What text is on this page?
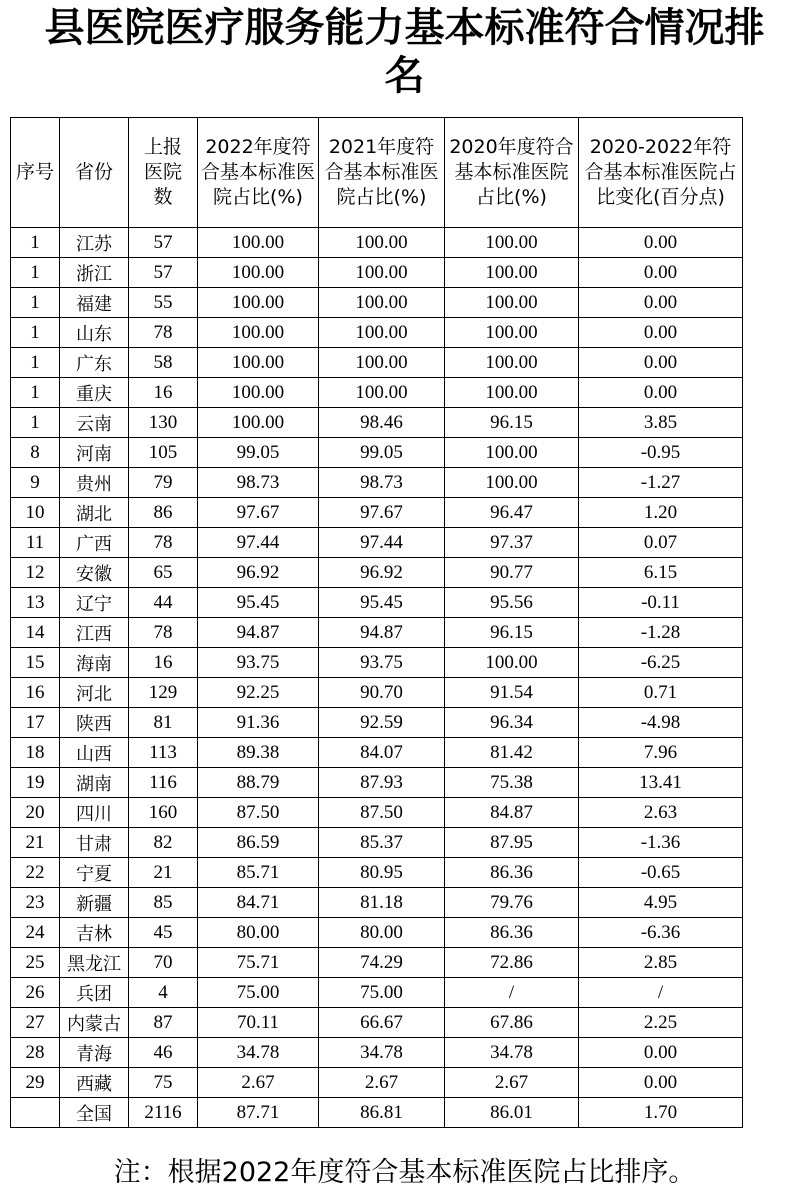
县医院医疗服务能力基本标准符合情况排
名
序号	省份	上报医院数	2022年度符合基本标准医院占比(%)	2021年度符合基本标准医院占比(%)	2020年度符合基本标准医院占比(%)	2020-2022年符合基本标准医院占比变化(百分点)
1	江苏	57	100.00	100.00	100.00	0.00
1	浙江	57	100.00	100.00	100.00	0.00
1	福建	55	100.00	100.00	100.00	0.00
1	山东	78	100.00	100.00	100.00	0.00
1	广东	58	100.00	100.00	100.00	0.00
1	重庆	16	100.00	100.00	100.00	0.00
1	云南	130	100.00	98.46	96.15	3.85
8	河南	105	99.05	99.05	100.00	-0.95
9	贵州	79	98.73	98.73	100.00	-1.27
10	湖北	86	97.67	97.67	96.47	1.20
11	广西	78	97.44	97.44	97.37	0.07
12	安徽	65	96.92	96.92	90.77	6.15
13	辽宁	44	95.45	95.45	95.56	-0.11
14	江西	78	94.87	94.87	96.15	-1.28
15	海南	16	93.75	93.75	100.00	-6.25
16	河北	129	92.25	90.70	91.54	0.71
17	陕西	81	91.36	92.59	96.34	-4.98
18	山西	113	89.38	84.07	81.42	7.96
19	湖南	116	88.79	87.93	75.38	13.41
20	四川	160	87.50	87.50	84.87	2.63
21	甘肃	82	86.59	85.37	87.95	-1.36
22	宁夏	21	85.71	80.95	86.36	-0.65
23	新疆	85	84.71	81.18	79.76	4.95
24	吉林	45	80.00	80.00	86.36	-6.36
25	黑龙江	70	75.71	74.29	72.86	2.85
26	兵团	4	75.00	75.00	/	/
27	内蒙古	87	70.11	66.67	67.86	2.25
28	青海	46	34.78	34.78	34.78	0.00
29	西藏	75	2.67	2.67	2.67	0.00
	全国	2116	87.71	86.81	86.01	1.70
注：根据2022年度符合基本标准医院占比排序。
